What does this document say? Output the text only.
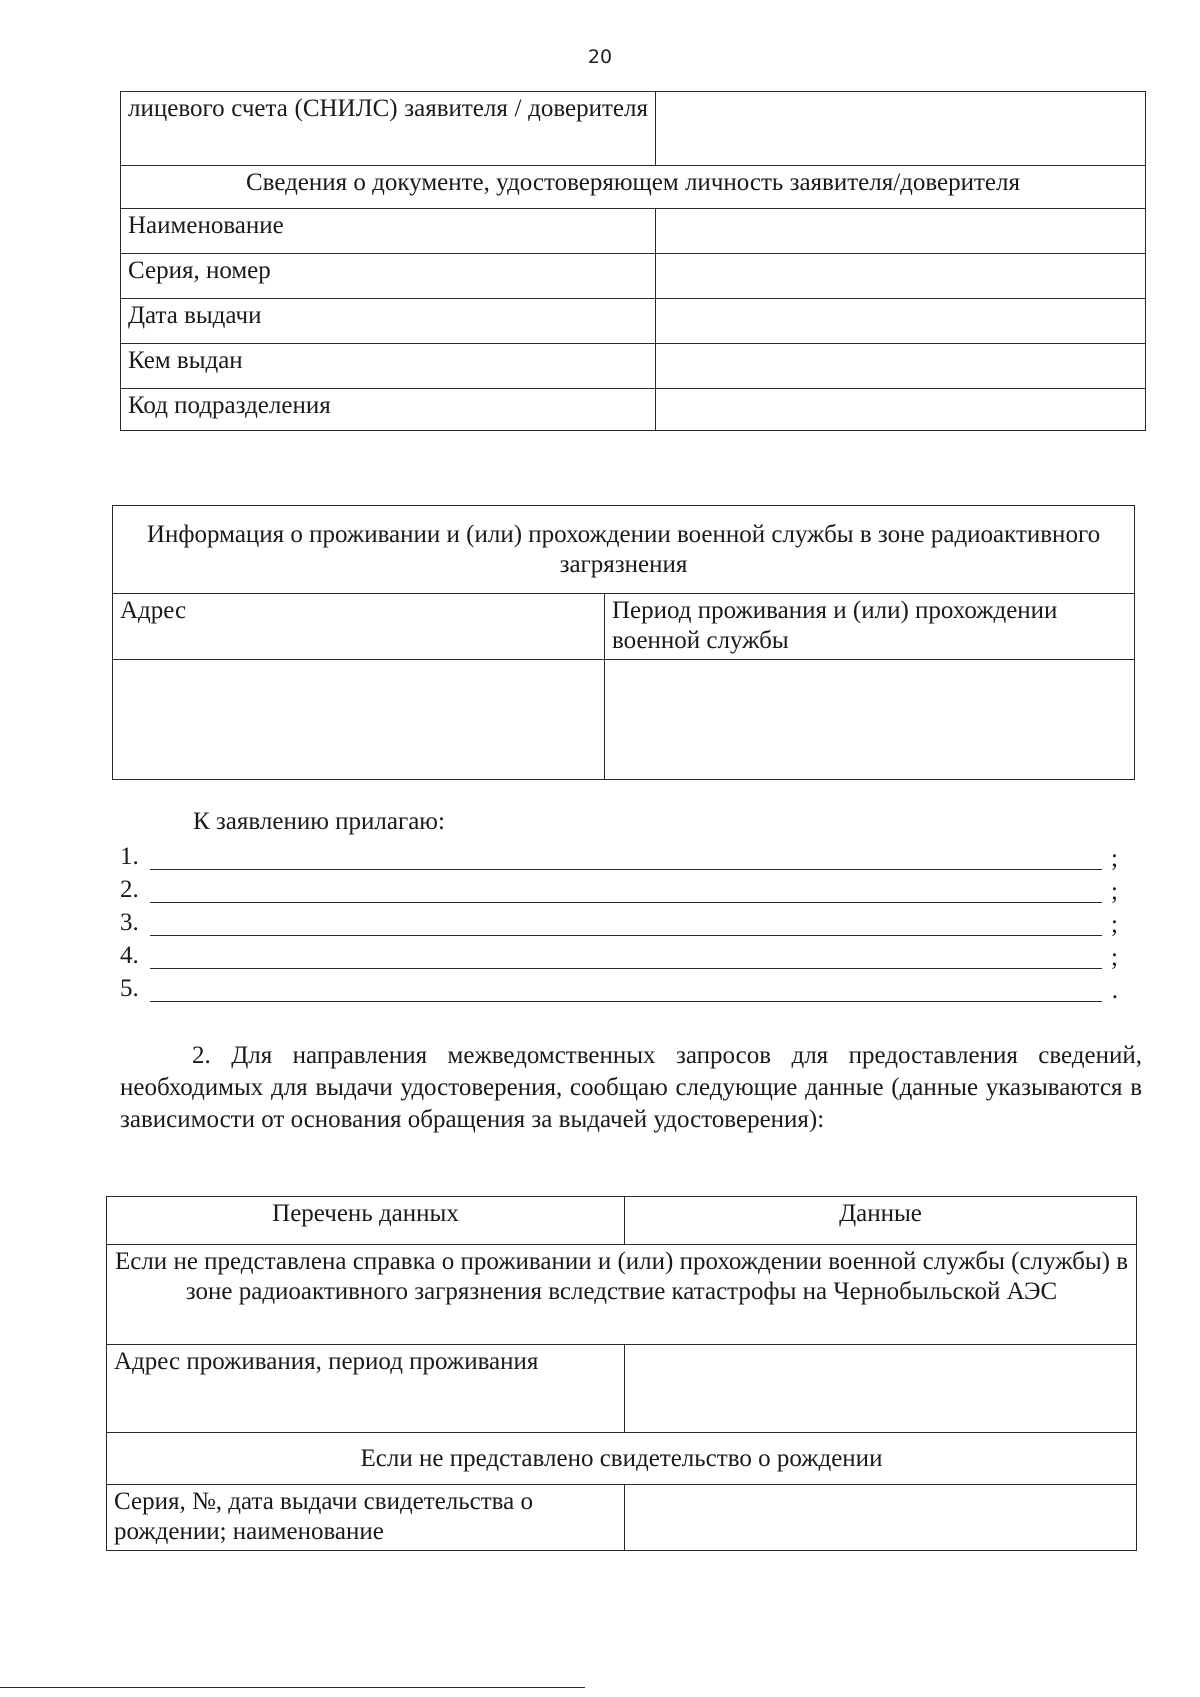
20
лицевого счета (СНИЛС) заявителя / доверителя	
Сведения о документе, удостоверяющем личность заявителя/доверителя	
Наименование	
Серия, номер	
Дата выдачи	
Кем выдан	
Код подразделения	
Информация о проживании и (или) прохождении военной службы в зоне радиоактивного загрязнения	
Адрес	Период проживания и (или) прохождении военной службы

К заявлению прилагаю:
1.	;
2.	;
3.	;
4.	;
5.	.

2. Для направления межведомственных запросов для предоставления сведений, необходимых для выдачи удостоверения, сообщаю следующие данные (данные указываются в зависимости от основания обращения за выдачей удостоверения):

Перечень данных	Данные
Если не представлена справка о проживании и (или) прохождении военной службы (службы) в зоне радиоактивного загрязнения вследствие катастрофы на Чернобыльской АЭС	
Адрес проживания, период проживания	
Если не представлено свидетельство о рождении	
Серия, №, дата выдачи свидетельства о рождении; наименование	
